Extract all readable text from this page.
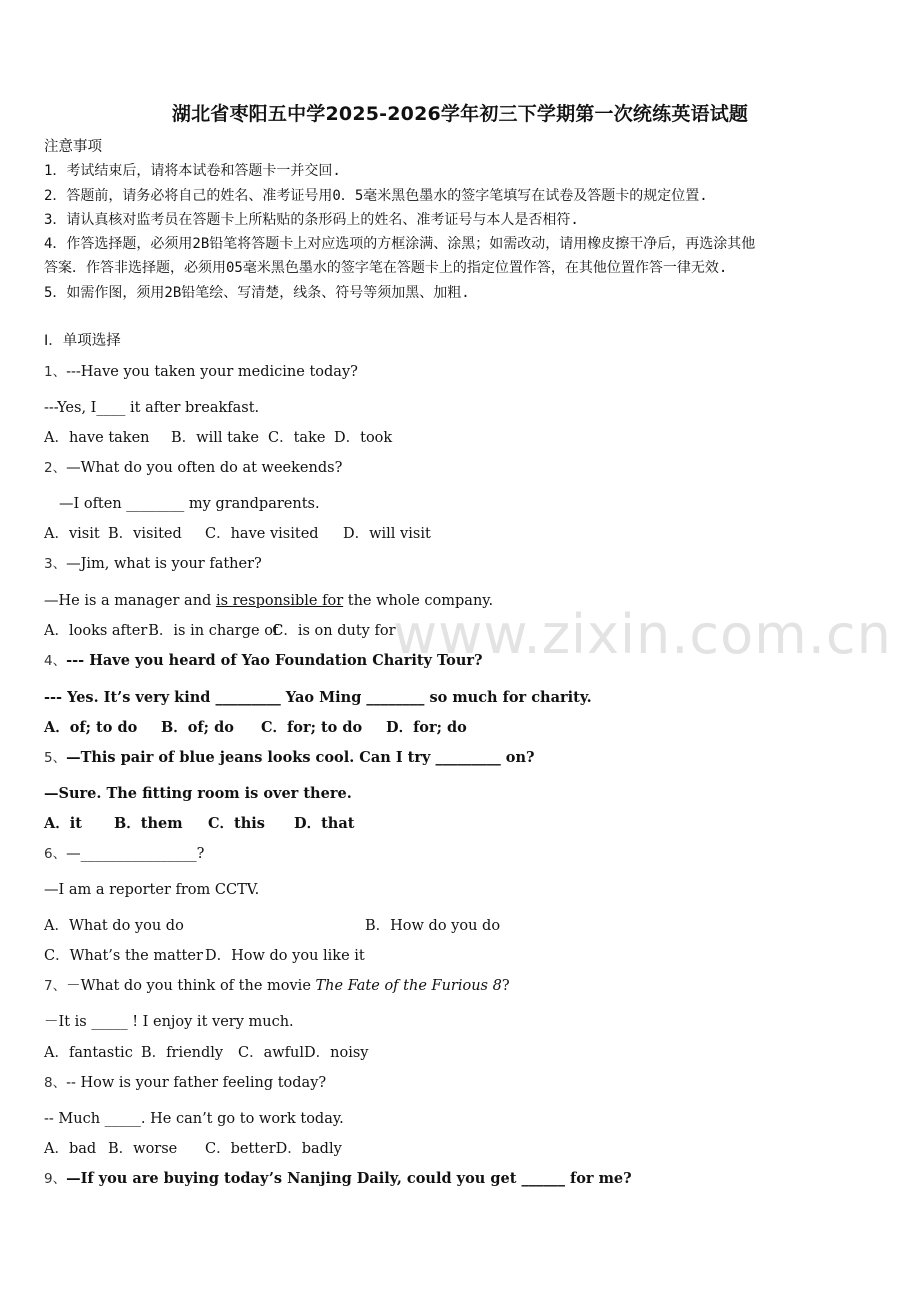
湖北省枣阳五中学2025-2026学年初三下学期第一次统练英语试题
注意事项
1．考试结束后，请将本试卷和答题卡一并交回.
2．答题前，请务必将自己的姓名、准考证号用0．5毫米黑色墨水的签字笔填写在试卷及答题卡的规定位置.
3．请认真核对监考员在答题卡上所粘贴的条形码上的姓名、准考证号与本人是否相符.
4．作答选择题，必须用2B铅笔将答题卡上对应选项的方框涂满、涂黑；如需改动，请用橡皮擦干净后，再选涂其他
答案．作答非选择题，必须用05毫米黑色墨水的签字笔在答题卡上的指定位置作答，在其他位置作答一律无效.
5．如需作图，须用2B铅笔绘、写清楚，线条、符号等须加黑、加粗.
Ⅰ．单项选择
1、---Have you taken your medicine today?
---Yes, I____ it after breakfast.
A．have taken B．will take C．take D．took
2、—What do you often do at weekends?
—I often ________ my grandparents.
A．visit B．visited C．have visited D．will visit
3、—Jim, what is your father?
—He is a manager and is responsible for the whole company.
A．looks afterB．is in charge ofC．is on duty for
4、--- Have you heard of Yao Foundation Charity Tour?
--- Yes. It’s very kind _________ Yao Ming ________ so much for charity.
A．of; to do B．of; do C．for; to do D．for; do
5、—This pair of blue jeans looks cool. Can I try _________ on?
—Sure. The fitting room is over there.
A．it B．them C．this D．that
6、—________________?
—I am a reporter from CCTV.
A．What do you do	B．How do you do
C．What’s the matter D．How do you like it
7、－What do you think of the movie The Fate of the Furious 8?
－It is _____ ! I enjoy it very much.
A．fantastic B．friendly C．awfulD．noisy
8、-- How is your father feeling today?
-- Much _____. He can’t go to work today.
A．bad B．worse C．betterD．badly
9、—If you are buying today’s Nanjing Daily, could you get ______ for me?
www.zixin.com.cn
